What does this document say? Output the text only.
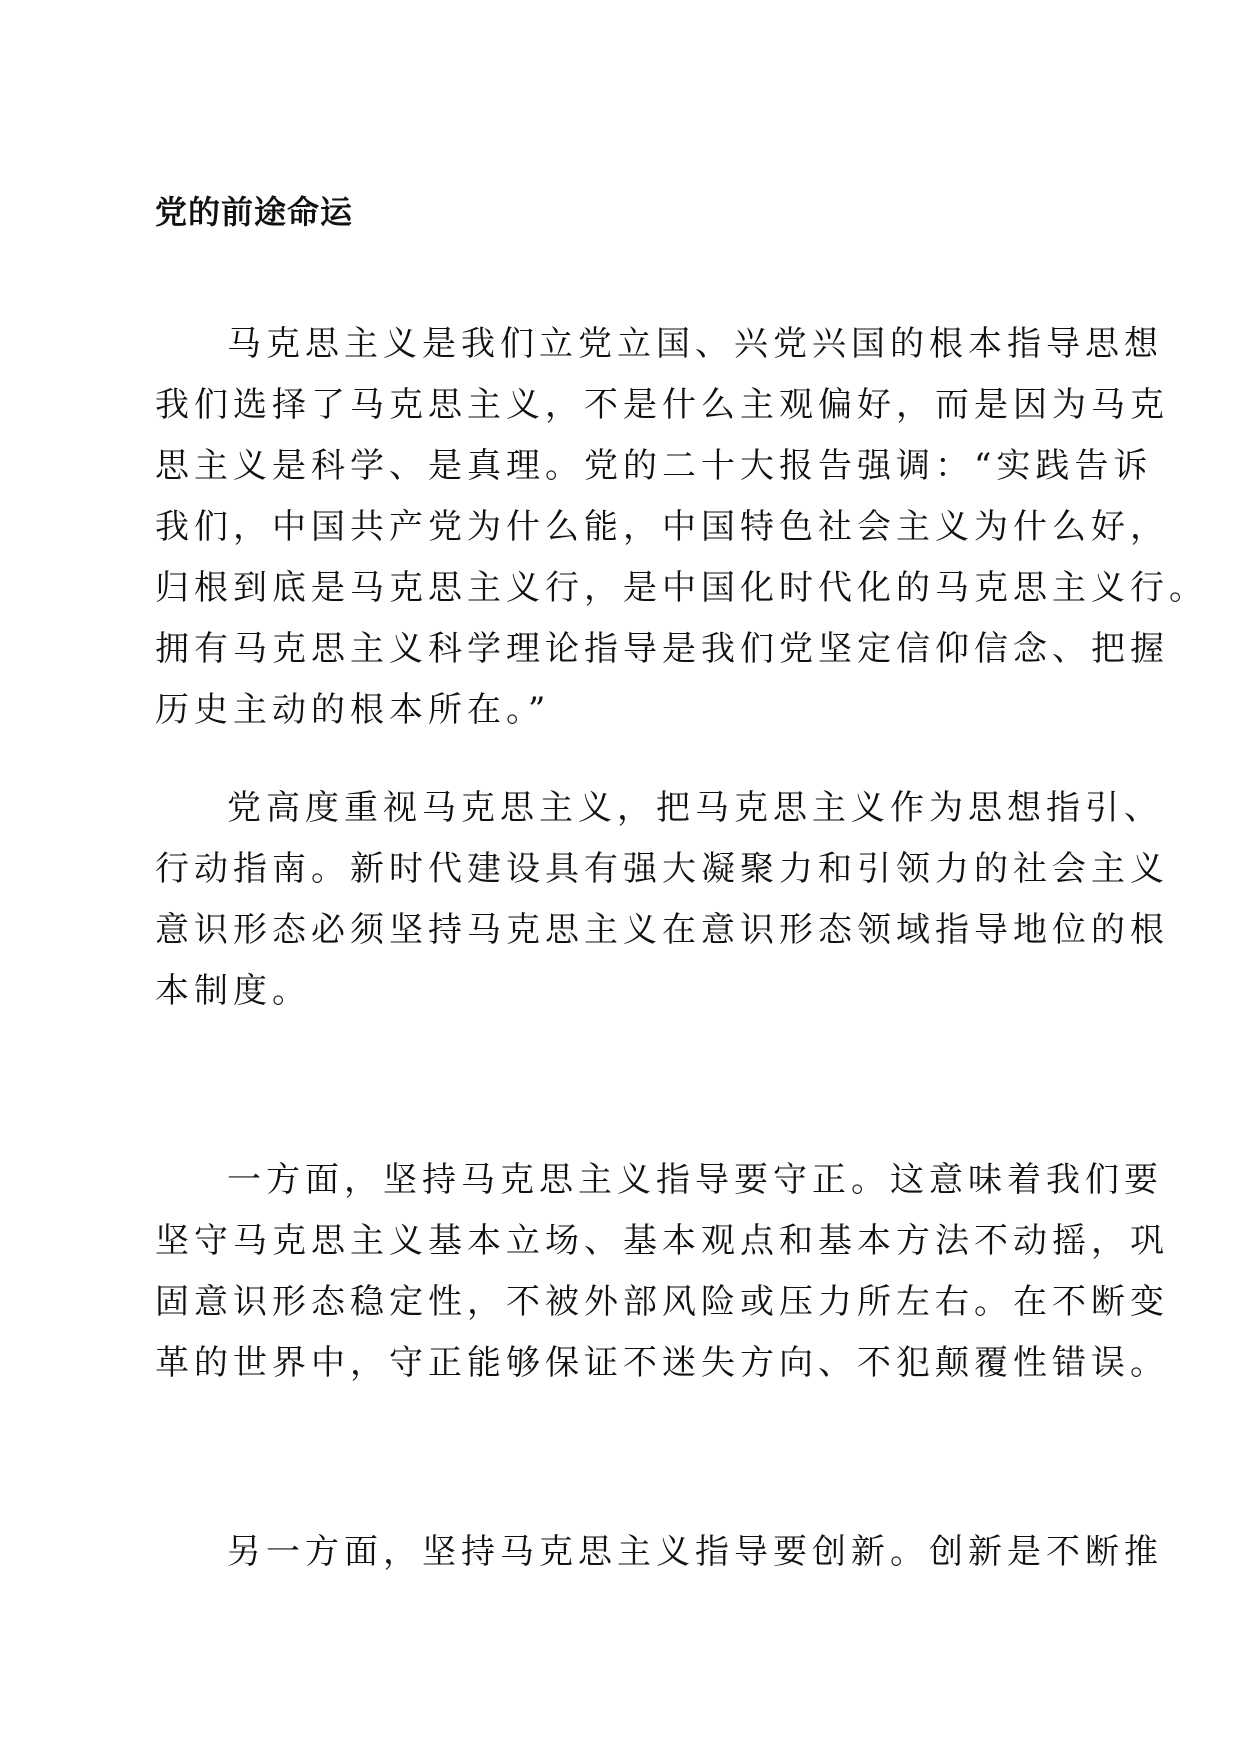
党的前途命运
马克思主义是我们立党立国、兴党兴国的根本指导思想
我们选择了马克思主义，不是什么主观偏好，而是因为马克
思主义是科学、是真理。党的二十大报告强调：“实践告诉
我们，中国共产党为什么能，中国特色社会主义为什么好，
归根到底是马克思主义行，是中国化时代化的马克思主义行。
拥有马克思主义科学理论指导是我们党坚定信仰信念、把握
历史主动的根本所在。”
党高度重视马克思主义，把马克思主义作为思想指引、
行动指南。新时代建设具有强大凝聚力和引领力的社会主义
意识形态必须坚持马克思主义在意识形态领域指导地位的根
本制度。
一方面，坚持马克思主义指导要守正。这意味着我们要
坚守马克思主义基本立场、基本观点和基本方法不动摇，巩
固意识形态稳定性，不被外部风险或压力所左右。在不断变
革的世界中，守正能够保证不迷失方向、不犯颠覆性错误。
另一方面，坚持马克思主义指导要创新。创新是不断推
